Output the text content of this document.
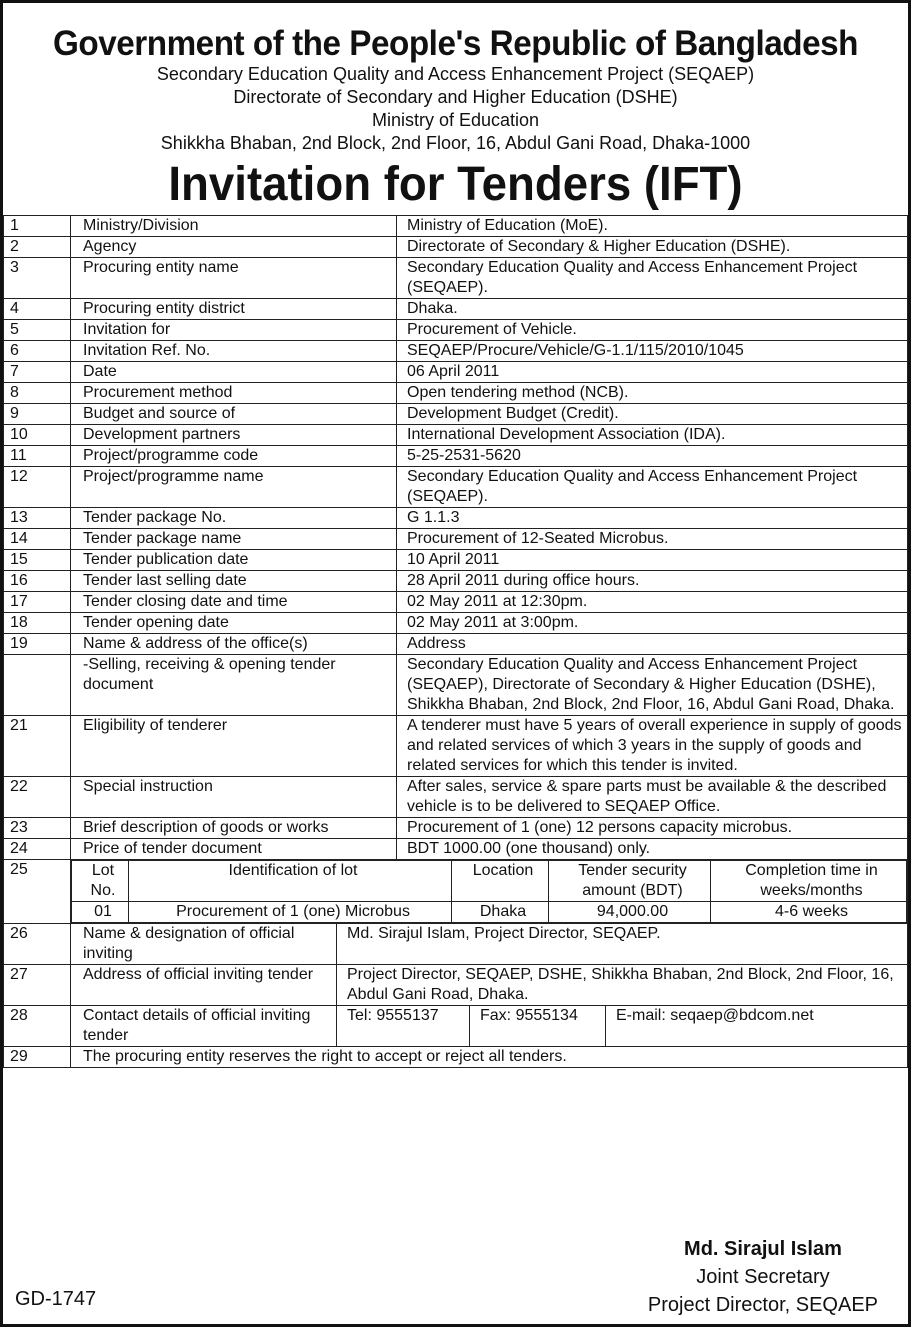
Government of the People's Republic of Bangladesh
Secondary Education Quality and Access Enhancement Project (SEQAEP)
Directorate of Secondary and Higher Education (DSHE)
Ministry of Education
Shikkha Bhaban, 2nd Block, 2nd Floor, 16, Abdul Gani Road, Dhaka-1000
Invitation for Tenders (IFT)
1	Ministry/Division	Ministry of Education (MoE).
2	Agency	Directorate of Secondary & Higher Education (DSHE).
3	Procuring entity name	Secondary Education Quality and Access Enhancement Project (SEQAEP).
4	Procuring entity district	Dhaka.
5	Invitation for	Procurement of Vehicle.
6	Invitation Ref. No.	SEQAEP/Procure/Vehicle/G-1.1/115/2010/1045
7	Date	06 April 2011
8	Procurement method	Open tendering method (NCB).
9	Budget and source of	Development Budget (Credit).
10	Development partners	International Development Association (IDA).
11	Project/programme code	5-25-2531-5620
12	Project/programme name	Secondary Education Quality and Access Enhancement Project (SEQAEP).
13	Tender package No.	G 1.1.3
14	Tender package name	Procurement of 12-Seated Microbus.
15	Tender publication date	10 April 2011
16	Tender last selling date	28 April 2011 during office hours.
17	Tender closing date and time	02 May 2011 at 12:30pm.
18	Tender opening date	02 May 2011 at 3:00pm.
19	Name & address of the office(s)	Address
	-Selling, receiving & opening tender document	Secondary Education Quality and Access Enhancement Project (SEQAEP), Directorate of Secondary & Higher Education (DSHE), Shikkha Bhaban, 2nd Block, 2nd Floor, 16, Abdul Gani Road, Dhaka.
21	Eligibility of tenderer	A tenderer must have 5 years of overall experience in supply of goods and related services of which 3 years in the supply of goods and related services for which this tender is invited.
22	Special instruction	After sales, service & spare parts must be available & the described vehicle is to be delivered to SEQAEP Office.
23	Brief description of goods or works	Procurement of 1 (one) 12 persons capacity microbus.
24	Price of tender document	BDT 1000.00 (one thousand) only.
25		Lot No.	Identification of lot	Location	Tender security amount (BDT)	Completion time in weeks/months
01	Procurement of 1 (one) Microbus	Dhaka	94,000.00	4-6 weeks

26		Name & designation of official inviting	Md. Sirajul Islam, Project Director, SEQAEP.

27		Address of official inviting tender	Project Director, SEQAEP, DSHE, Shikkha Bhaban, 2nd Block, 2nd Floor, 16, Abdul Gani Road, Dhaka.

28		Contact details of official inviting tender	Tel: 9555137	Fax: 9555134	E-mail: seqaep@bdcom.net

29	The procuring entity reserves the right to accept or reject all tenders.
Md. Sirajul Islam
Joint Secretary
Project Director, SEQAEP
GD-1747
